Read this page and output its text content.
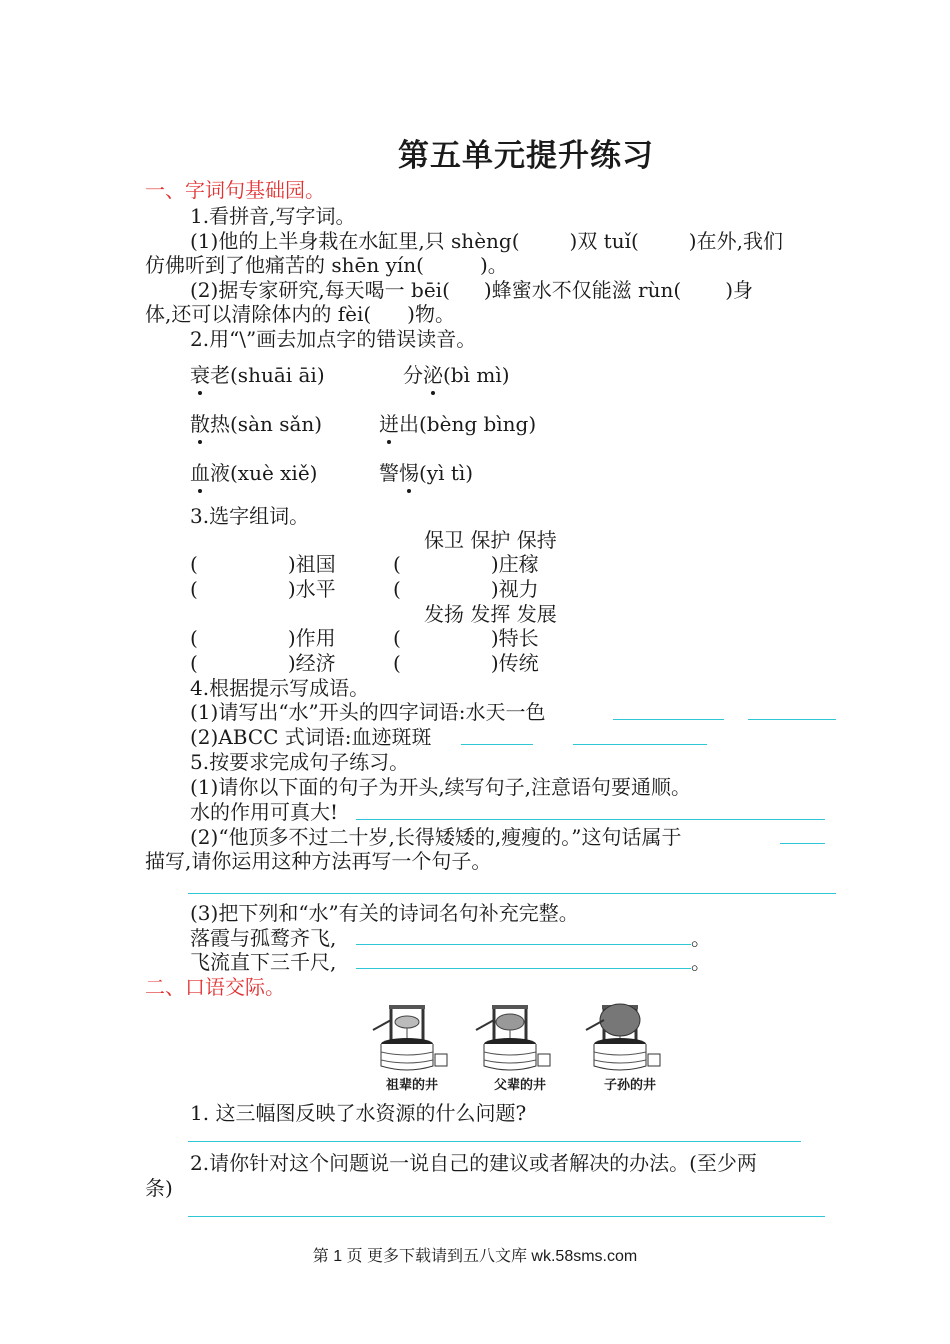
第五单元提升练习
一、字词句基础园。
1.看拼音,写字词。
(1)他的上半身栽在水缸里,只 shèng(	)双 tuǐ(	)在外,我们
仿佛听到了他痛苦的 shēn yín(	)。
(2)据专家研究,每天喝一 bēi( )蜂蜜水不仅能滋 rùn( )身
体,还可以清除体内的 fèi( )物。
2.用“\”画去加点字的错误读音。
衰老(shuāi āi)	分泌(bì mì)
散热(sàn sǎn)	迸出(bèng bìng)
血液(xuè xiě)	警惕(yì tì)
3.选字组词。
保卫 保护 保持
(	)祖国	(	)庄稼
(	)水平	(	)视力
发扬 发挥 发展
(	)作用	(	)特长
(	)经济	(	)传统
4.根据提示写成语。
(1)请写出“水”开头的四字词语:水天一色
(2)ABCC 式词语:血迹斑斑
5.按要求完成句子练习。
(1)请你以下面的句子为开头,续写句子,注意语句要通顺。
水的作用可真大!
(2)“他顶多不过二十岁,长得矮矮的,瘦瘦的。”这句话属于
描写,请你运用这种方法再写一个句子。
(3)把下列和“水”有关的诗词名句补充完整。
落霞与孤鹜齐飞,	。
飞流直下三千尺,	。
二、口语交际。
祖辈的井	父辈的井	子孙的井
1. 这三幅图反映了水资源的什么问题?
2.请你针对这个问题说一说自己的建议或者解决的办法。(至少两
条)
第 1 页 更多下载请到五八文库 wk.58sms.com
